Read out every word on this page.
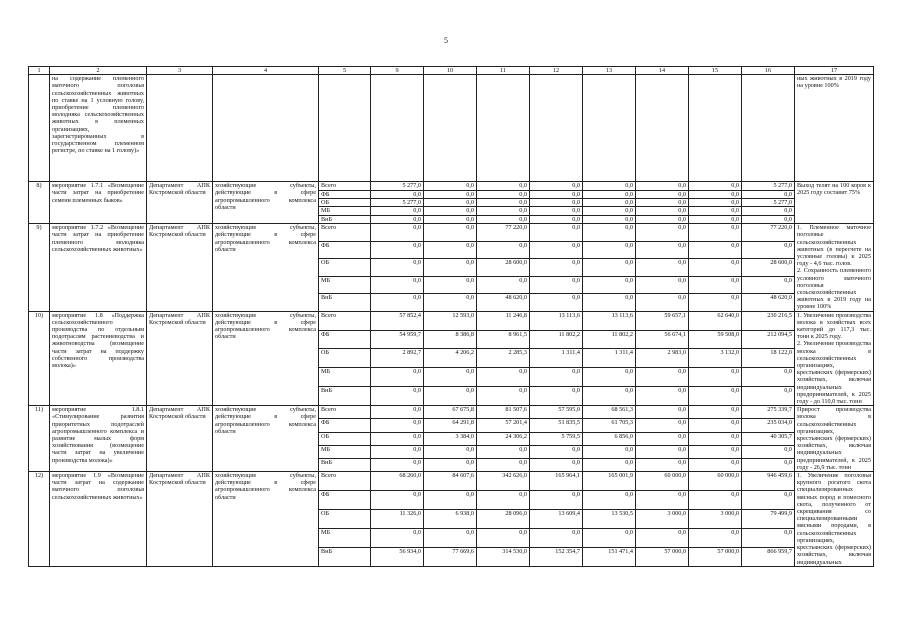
5
1	2	3	4	5	9	10	11	12	13	14	15	16	17
	на содержание племенного маточного поголовья сельскохозяйственных животных по ставке на 1 условную голову, приобретение племенного молодняка сельскохозяйственных животных в племенных организациях, зарегистрированных в государственном племенном регистре, по ставке на 1 голову)»												ных животных в 2019 году на уровне 100%
8)	мероприятие 1.7.1 «Возмещение части затрат на приобретение семени племенных быков»	Департамент АПК Костромской области	хозяйствующие субъекты, действующие в сфере агропромышленного комплекса области	Всего	5 277,0	0,0	0,0	0,0	0,0	0,0	0,0	5 277,0	Выход телят на 100 коров к 2025 году составит 75%
				ФБ	0,0	0,0	0,0	0,0	0,0	0,0	0,0	0,0	
				ОБ	5 277,0	0,0	0,0	0,0	0,0	0,0	0,0	5 277,0	
				МБ	0,0	0,0	0,0	0,0	0,0	0,0	0,0	0,0	
				ВнБ	0,0	0,0	0,0	0,0	0,0	0,0	0,0	0,0	
9)	мероприятие 1.7.2 «Возмещение части затрат на приобретение племенного молодняка сельскохозяйственных животных»	Департамент АПК Костромской области	хозяйствующие субъекты, действующие в сфере агропромышленного комплекса области	Всего	0,0	0,0	77 220,0	0,0	0,0	0,0	0,0	77 220,0	1. Племенное маточное поголовье сельскохозяйственных животных (в пересчете на условные головы) к 2025 году - 4,6 тыс. голов.
2. Сохранность племенного условного маточного поголовья сельскохозяйственных животных в 2019 году на уровне 100%
				ФБ	0,0	0,0	0,0	0,0	0,0	0,0	0,0	0,0	
				ОБ	0,0	0,0	28 600,0	0,0	0,0	0,0	0,0	28 600,0	
				МБ	0,0	0,0	0,0	0,0	0,0	0,0	0,0	0,0	
				ВнБ	0,0	0,0	48 620,0	0,0	0,0	0,0	0,0	48 620,0	
10)	мероприятие 1.8 «Поддержка сельскохозяйственного производства по отдельным подотраслям растениеводства и животноводства (возмещение части затрат на поддержку собственного производства молока)»	Департамент АПК Костромской области	хозяйствующие субъекты, действующие в сфере агропромышленного комплекса области	Всего	57 852,4	12 593,0	11 246,8	13 113,6	13 113,6	59 657,1	62 640,0	230 216,5	1. Увеличение производства молока в хозяйствах всех категорий до 117,3 тыс. тонн к 2025 году.
2. Увеличение производства молока в сельскохозяйственных организациях, крестьянских (фермерских) хозяйствах, включая индивидуальных предпринимателей, к 2025 году - до 110,0 тыс. тонн
				ФБ	54 959,7	8 386,8	8 961,5	11 802,2	11 802,2	56 674,1	59 508,0	212 094,5	
				ОБ	2 892,7	4 206,2	2 285,3	1 311,4	1 311,4	2 983,0	3 132,0	18 122,0	
				МБ	0,0	0,0	0,0	0,0	0,0	0,0	0,0	0,0	
				ВнБ	0,0	0,0	0,0	0,0	0,0	0,0	0,0	0,0	
11)	мероприятие 1.8.1 «Стимулирование развития приоритетных подотраслей агропромышленного комплекса и развитие малых форм хозяйствования (возмещение части затрат на увеличение производства молока)»	Департамент АПК Костромской области	хозяйствующие субъекты, действующие в сфере агропромышленного комплекса области	Всего	0,0	67 675,8	81 507,6	57 595,0	68 561,3	0,0	0,0	275 339,7	Прирост производства молока в сельскохозяйственных организациях, крестьянских (фермерских) хозяйствах, включая индивидуальных предпринимателей, к 2025 году - 26,9 тыс. тонн
				ФБ	0,0	64 291,8	57 201,4	51 835,5	61 705,3	0,0	0,0	235 034,0	
				ОБ	0,0	3 384,0	24 306,2	5 759,5	6 856,0	0,0	0,0	40 305,7	
				МБ	0,0	0,0	0,0	0,0	0,0	0,0	0,0	0,0	
				ВнБ	0,0	0,0	0,0	0,0	0,0	0,0	0,0	0,0	
12)	мероприятие 1.9 «Возмещение части затрат на содержание маточного поголовья сельскохозяйственных животных»	Департамент АПК Костромской области	хозяйствующие субъекты, действующие в сфере агропромышленного комплекса области	Всего	68 260,0	84 607,6	342 626,0	165 964,1	165 001,9	60 000,0	60 000,0	946 459,6	1. Увеличение поголовья крупного рогатого скота специализированных мясных пород и помесного скота, полученного от скрещивания со специализированными мясными породами, в сельскохозяйственных организациях, крестьянских (фермерских) хозяйствах, включая индивидуальных
				ФБ	0,0	0,0	0,0	0,0	0,0	0,0	0,0	0,0	
				ОБ	11 326,0	6 938,0	28 096,0	13 609,4	13 530,5	3 000,0	3 000,0	79 499,9	
				МБ	0,0	0,0	0,0	0,0	0,0	0,0	0,0	0,0	
				ВнБ	56 934,0	77 669,6	314 530,0	152 354,7	151 471,4	57 000,0	57 000,0	866 959,7	
